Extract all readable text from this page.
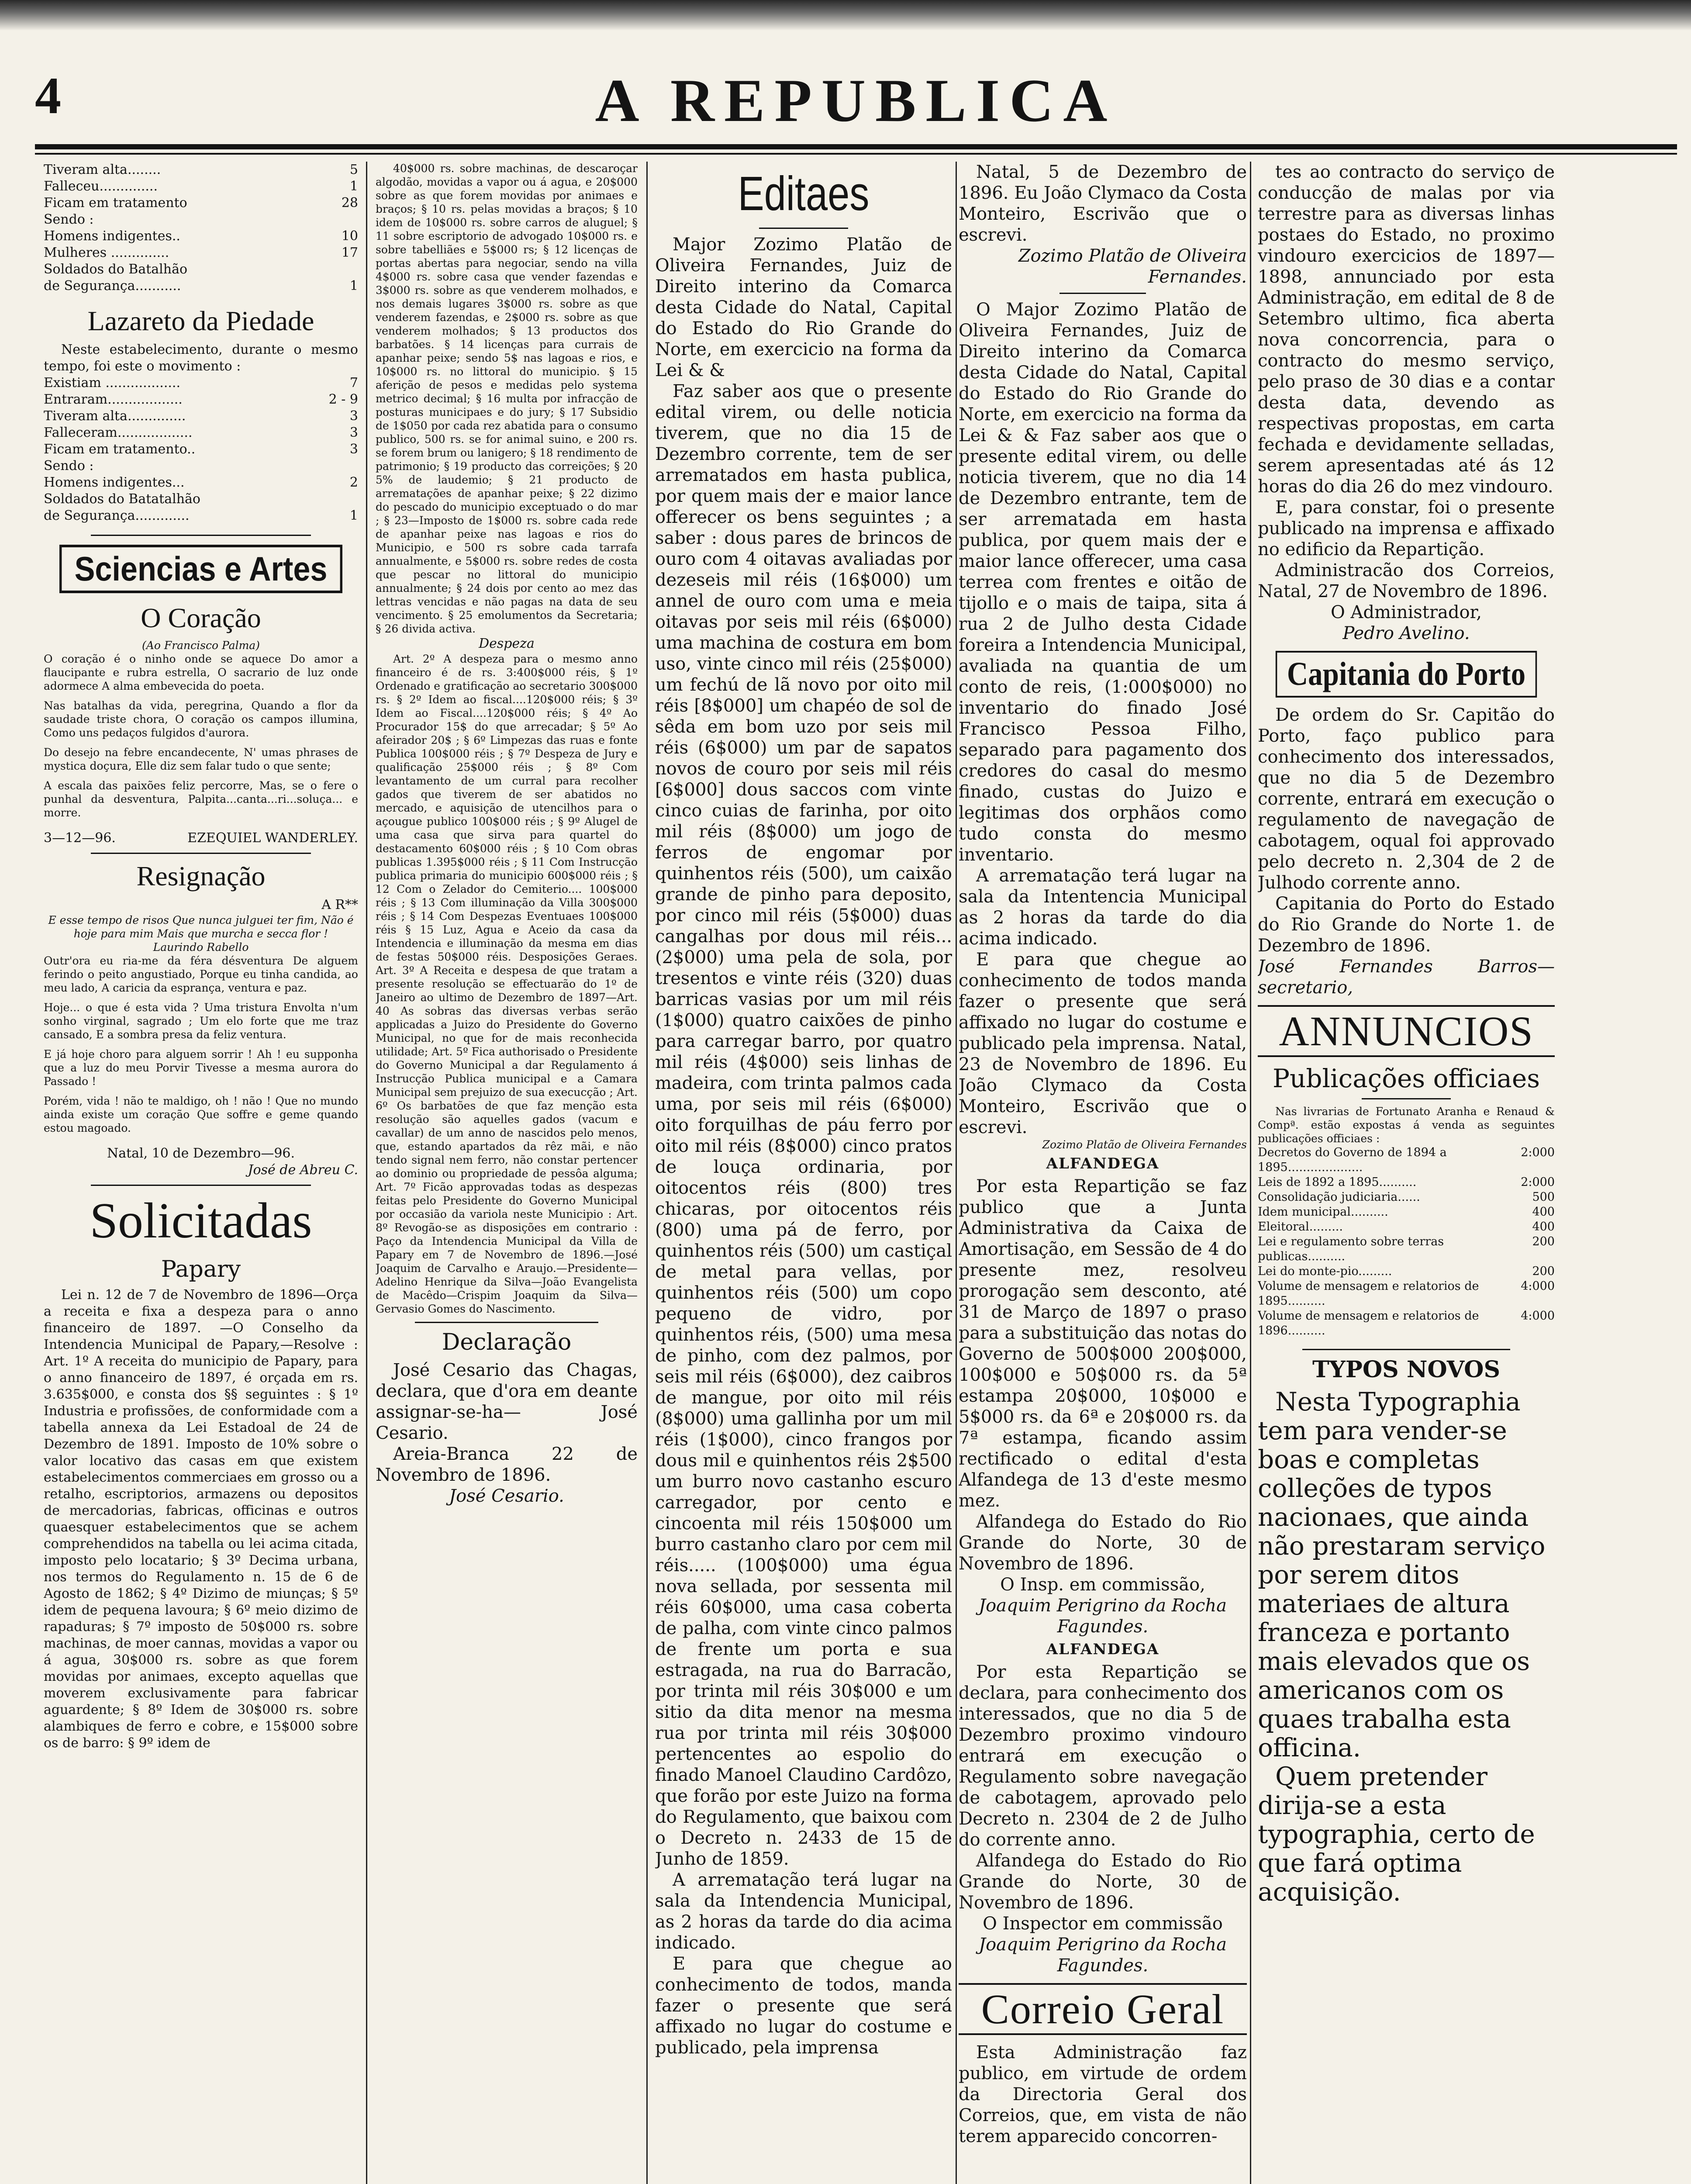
4	A REPUBLICA
Tiveram alta........	5
Falleceu..............	1
Ficam em tratamento	28
Sendo :
Homens indigentes..	10
Mulheres ..............	17
Soldados do Batalhão
de Segurança...........	1
Lazareto da Piedade
Neste estabelecimento, durante o mesmo tempo, foi este o movimento :
Existiam ..................	7
Entraram..................	2 - 9
Tiveram alta..............	3
Falleceram..................	3
Ficam em tratamento..	3
Sendo :
Homens indigentes...	2
Soldados do Batatalhão
de Segurança.............	1
Sciencias e Artes
O Coração
(Ao Francisco Palma)
O coração é o ninho onde se aquece Do amor a flaucipante e rubra estrella, O sacrario de luz onde adormece A alma embevecida do poeta.
Nas batalhas da vida, peregrina, Quando a flor da saudade triste chora, O coração os campos illumina, Como uns pedaços fulgidos d'aurora.
Do desejo na febre encandecente, N' umas phrases de mystica doçura, Elle diz sem falar tudo o que sente;
A escala das paixões feliz percorre, Mas, se o fere o punhal da desventura, Palpita...canta...ri...soluça... e morre.
3—12—96.	EZEQUIEL WANDERLEY.
Resignação
A R**
E esse tempo de risos Que nunca julguei ter fim, Não é hoje para mim Mais que murcha e secca flor !
Laurindo Rabello
Outr'ora eu ria-me da féra désventura De alguem ferindo o peito angustiado, Porque eu tinha candida, ao meu lado, A caricia da esprança, ventura e paz.
Hoje... o que é esta vida ? Uma tristura Envolta n'um sonho virginal, sagrado ; Um elo forte que me traz cansado, E a sombra presa da feliz ventura.
E já hoje choro para alguem sorrir ! Ah ! eu supponha que a luz do meu Porvir Tivesse a mesma aurora do Passado !
Porém, vida ! não te maldigo, oh ! não ! Que no mundo ainda existe um coração Que soffre e geme quando estou magoado.
Natal, 10 de Dezembro—96.
José de Abreu C.
Solicitadas
Papary
Lei n. 12 de 7 de Novembro de 1896—Orça a receita e fixa a despeza para o anno financeiro de 1897. —O Conselho da Intendencia Municipal de Papary,—Resolve : Art. 1º A receita do municipio de Papary, para o anno financeiro de 1897, é orçada em rs. 3.635$000, e consta dos §§ seguintes : § 1º Industria e profissões, de conformidade com a tabella annexa da Lei Estadoal de 24 de Dezembro de 1891. Imposto de 10% sobre o valor locativo das casas em que existem estabelecimentos commerciaes em grosso ou a retalho, escriptorios, armazens ou depositos de mercadorias, fabricas, officinas e outros quaesquer estabelecimentos que se achem comprehendidos na tabella ou lei acima citada, imposto pelo locatario; § 3º Decima urbana, nos termos do Regulamento n. 15 de 6 de Agosto de 1862; § 4º Dizimo de miunças; § 5º idem de pequena lavoura; § 6º meio dizimo de rapaduras; § 7º imposto de 50$000 rs. sobre machinas, de moer cannas, movidas a vapor ou á agua, 30$000 rs. sobre as que forem movidas por animaes, excepto aquellas que moverem exclusivamente para fabricar aguardente; § 8º Idem de 30$000 rs. sobre alambiques de ferro e cobre, e 15$000 sobre os de barro: § 9º idem de
40$000 rs. sobre machinas, de descaroçar algodão, movidas a vapor ou á agua, e 20$000 sobre as que forem movidas por animaes e braços; § 10 rs. pelas movidas a braços; § 10 idem de 10$000 rs. sobre carros de aluguel; § 11 sobre escriptorio de advogado 10$000 rs. e sobre tabelliães e 5$000 rs; § 12 licenças de portas abertas para negociar, sendo na villa 4$000 rs. sobre casa que vender fazendas e 3$000 rs. sobre as que venderem molhados, e nos demais lugares 3$000 rs. sobre as que venderem fazendas, e 2$000 rs. sobre as que venderem molhados; § 13 productos dos barbatões. § 14 licenças para currais de apanhar peixe; sendo 5$ nas lagoas e rios, e 10$000 rs. no littoral do municipio. § 15 aferição de pesos e medidas pelo systema metrico decimal; § 16 multa por infracção de posturas municipaes e do jury; § 17 Subsidio de 1$050 por cada rez abatida para o consumo publico, 500 rs. se for animal suino, e 200 rs. se forem brum ou lanigero; § 18 rendimento de patrimonio; § 19 producto das correições; § 20 5% de laudemio; § 21 producto de arrematações de apanhar peixe; § 22 dizimo do pescado do municipio exceptuado o do mar ; § 23—Imposto de 1$000 rs. sobre cada rede de apanhar peixe nas lagoas e rios do Municipio, e 500 rs sobre cada tarrafa annualmente, e 5$000 rs. sobre redes de costa que pescar no littoral do municipio annualmente; § 24 dois por cento ao mez das lettras vencidas e não pagas na data de seu vencimento. § 25 emolumentos da Secretaria; § 26 divida activa.
Despeza
Art. 2º A despeza para o mesmo anno financeiro é de rs. 3:400$000 réis, § 1º Ordenado e gratificação ao secretario 300$000 rs. § 2º Idem ao fiscal....120$000 réis; § 3º Idem ao Fiscal....120$000 réis; § 4º Ao Procurador 15$ do que arrecadar; § 5º Ao afeirador 20$ ; § 6º Limpezas das ruas e fonte Publica 100$000 réis ; § 7º Despeza de Jury e qualificação 25$000 réis ; § 8º Com levantamento de um curral para recolher gados que tiverem de ser abatidos no mercado, e aquisição de utencilhos para o açougue publico 100$000 réis ; § 9º Alugel de uma casa que sirva para quartel do destacamento 60$000 réis ; § 10 Com obras publicas 1.395$000 réis ; § 11 Com Instrucção publica primaria do municipio 600$000 réis ; § 12 Com o Zelador do Cemiterio.... 100$000 réis ; § 13 Com illuminação da Villa 300$000 réis ; § 14 Com Despezas Eventuaes 100$000 réis § 15 Luz, Agua e Aceio da casa da Intendencia e illuminação da mesma em dias de festas 50$000 réis. Desposições Geraes. Art. 3º A Receita e despesa de que tratam a presente resolução se effectuarão do 1º de Janeiro ao ultimo de Dezembro de 1897—Art. 40 As sobras das diversas verbas serão applicadas a Juizo do Presidente do Governo Municipal, no que for de mais reconhecida utilidade; Art. 5º Fica authorisado o Presidente do Governo Municipal a dar Regulamento á Instrucção Publica municipal e a Camara Municipal sem prejuizo de sua execucção ; Art. 6º Os barbatões de que faz menção esta resolução são aquelles gados (vacum e cavallar) de um anno de nascidos pelo menos, que, estando apartados da rêz mãi, e não tendo signal nem ferro, não constar pertencer ao dominio ou propriedade de pessôa alguma; Art. 7º Ficão approvadas todas as despezas feitas pelo Presidente do Governo Municipal por occasião da variola neste Municipio : Art. 8º Revogão-se as disposições em contrario : Paço da Intendencia Municipal da Villa de Papary em 7 de Novembro de 1896.—José Joaquim de Carvalho e Araujo.—Presidente—Adelino Henrique da Silva—João Evangelista de Macêdo—Crispim Joaquim da Silva—Gervasio Gomes do Nascimento.
Declaração
José Cesario das Chagas, declara, que d'ora em deante assignar-se-ha— José Cesario.
Areia-Branca 22 de Novembro de 1896.
José Cesario.
Editaes
Major Zozimo Platão de Oliveira Fernandes, Juiz de Direito interino da Comarca desta Cidade do Natal, Capital do Estado do Rio Grande do Norte, em exercicio na forma da Lei & &
Faz saber aos que o presente edital virem, ou delle noticia tiverem, que no dia 15 de Dezembro corrente, tem de ser arrematados em hasta publica, por quem mais der e maior lance offerecer os bens seguintes ; a saber : dous pares de brincos de ouro com 4 oitavas avaliadas por dezeseis mil réis (16$000) um annel de ouro com uma e meia oitavas por seis mil réis (6$000) uma machina de costura em bom uso, vinte cinco mil réis (25$000) um fechú de lã novo por oito mil réis [8$000] um chapéo de sol de sêda em bom uzo por seis mil réis (6$000) um par de sapatos novos de couro por seis mil réis [6$000] dous saccos com vinte cinco cuias de farinha, por oito mil réis (8$000) um jogo de ferros de engomar por quinhentos réis (500), um caixão grande de pinho para deposito, por cinco mil réis (5$000) duas cangalhas por dous mil réis... (2$000) uma pela de sola, por tresentos e vinte réis (320) duas barricas vasias por um mil réis (1$000) quatro caixões de pinho para carregar barro, por quatro mil réis (4$000) seis linhas de madeira, com trinta palmos cada uma, por seis mil réis (6$000) oito forquilhas de páu ferro por oito mil réis (8$000) cinco pratos de louça ordinaria, por oitocentos réis (800) tres chicaras, por oitocentos réis (800) uma pá de ferro, por quinhentos réis (500) um castiçal de metal para vellas, por quinhentos réis (500) um copo pequeno de vidro, por quinhentos réis, (500) uma mesa de pinho, com dez palmos, por seis mil réis (6$000), dez caibros de mangue, por oito mil réis (8$000) uma gallinha por um mil réis (1$000), cinco frangos por dous mil e quinhentos réis 2$500 um burro novo castanho escuro carregador, por cento e cincoenta mil réis 150$000 um burro castanho claro por cem mil réis..... (100$000) uma égua nova sellada, por sessenta mil réis 60$000, uma casa coberta de palha, com vinte cinco palmos de frente um porta e sua estragada, na rua do Barracão, por trinta mil réis 30$000 e um sitio da dita menor na mesma rua por trinta mil réis 30$000 pertencentes ao espolio do finado Manoel Claudino Cardôzo, que forão por este Juizo na forma do Regulamento, que baixou com o Decreto n. 2433 de 15 de Junho de 1859.
A arrematação terá lugar na sala da Intendencia Municipal, as 2 horas da tarde do dia acima indicado.
E para que chegue ao conhecimento de todos, manda fazer o presente que será affixado no lugar do costume e publicado, pela imprensa
Natal, 5 de Dezembro de 1896. Eu João Clymaco da Costa Monteiro, Escrivão que o escrevi.
Zozimo Platão de Oliveira Fernandes.
O Major Zozimo Platão de Oliveira Fernandes, Juiz de Direito interino da Comarca desta Cidade do Natal, Capital do Estado do Rio Grande do Norte, em exercicio na forma da Lei & & Faz saber aos que o presente edital virem, ou delle noticia tiverem, que no dia 14 de Dezembro entrante, tem de ser arrematada em hasta publica, por quem mais der e maior lance offerecer, uma casa terrea com frentes e oitão de tijollo e o mais de taipa, sita á rua 2 de Julho desta Cidade foreira a Intendencia Municipal, avaliada na quantia de um conto de reis, (1:000$000) no inventario do finado José Francisco Pessoa Filho, separado para pagamento dos credores do casal do mesmo finado, custas do Juizo e legitimas dos orphãos como tudo consta do mesmo inventario.
A arrematação terá lugar na sala da Intentencia Municipal as 2 horas da tarde do dia acima indicado.
E para que chegue ao conhecimento de todos manda fazer o presente que será affixado no lugar do costume e publicado pela imprensa. Natal, 23 de Novembro de 1896. Eu João Clymaco da Costa Monteiro, Escrivão que o escrevi.
Zozimo Platão de Oliveira Fernandes
ALFANDEGA
Por esta Repartição se faz publico que a Junta Administrativa da Caixa de Amortisação, em Sessão de 4 do presente mez, resolveu prorogação sem desconto, até 31 de Março de 1897 o praso para a substituição das notas do Governo de 500$000 200$000, 100$000 e 50$000 rs. da 5ª estampa 20$000, 10$000 e 5$000 rs. da 6ª e 20$000 rs. da 7ª estampa, ficando assim rectificado o edital d'esta Alfandega de 13 d'este mesmo mez.
Alfandega do Estado do Rio Grande do Norte, 30 de Novembro de 1896.
O Insp. em commissão,
Joaquim Perigrino da Rocha Fagundes.
ALFANDEGA
Por esta Repartição se declara, para conhecimento dos interessados, que no dia 5 de Dezembro proximo vindouro entrará em execução o Regulamento sobre navegação de cabotagem, aprovado pelo Decreto n. 2304 de 2 de Julho do corrente anno.
Alfandega do Estado do Rio Grande do Norte, 30 de Novembro de 1896.
O Inspector em commissão
Joaquim Perigrino da Rocha Fagundes.
Correio Geral
Esta Administração faz publico, em virtude de ordem da Directoria Geral dos Correios, que, em vista de não terem apparecido concorren-
tes ao contracto do serviço de conducção de malas por via terrestre para as diversas linhas postaes do Estado, no proximo vindouro exercicios de 1897—1898, annunciado por esta Administração, em edital de 8 de Setembro ultimo, fica aberta nova concorrencia, para o contracto do mesmo serviço, pelo praso de 30 dias e a contar desta data, devendo as respectivas propostas, em carta fechada e devidamente selladas, serem apresentadas até ás 12 horas do dia 26 do mez vindouro.
E, para constar, foi o presente publicado na imprensa e affixado no edificio da Repartição.
Administracão dos Correios, Natal, 27 de Novembro de 1896.
O Administrador,
Pedro Avelino.
Capitania do Porto
De ordem do Sr. Capitão do Porto, faço publico para conhecimento dos interessados, que no dia 5 de Dezembro corrente, entrará em execução o regulamento de navegação de cabotagem, oqual foi approvado pelo decreto n. 2,304 de 2 de Julhodo corrente anno.
Capitania do Porto do Estado do Rio Grande do Norte 1. de Dezembro de 1896.
José Fernandes Barros—secretario,
ANNUNCIOS
Publicações officiaes
Nas livrarias de Fortunato Aranha e Renaud & Compª. estão expostas á venda as seguintes publicações officiaes :
Decretos do Governo de 1894 a 1895....................
2:000
Leis de 1892 a 1895..........	2:000
Consolidação judiciaria......	500
Idem municipal..........	400
Eleitoral.........	400
Lei e regulamento sobre terras publicas..........
200
Lei do monte-pio.........	200
Volume de mensagem e relatorios de 1895..........
4:000
Volume de mensagem e relatorios de 1896..........
4:000
TYPOS NOVOS
Nesta Typographia tem para vender-se boas e completas colleções de typos nacionaes, que ainda não prestaram serviço por serem ditos materiaes de altura franceza e portanto mais elevados que os americanos com os quaes trabalha esta officina.
Quem pretender dirija-se a esta typographia, certo de que fará optima acquisição.
